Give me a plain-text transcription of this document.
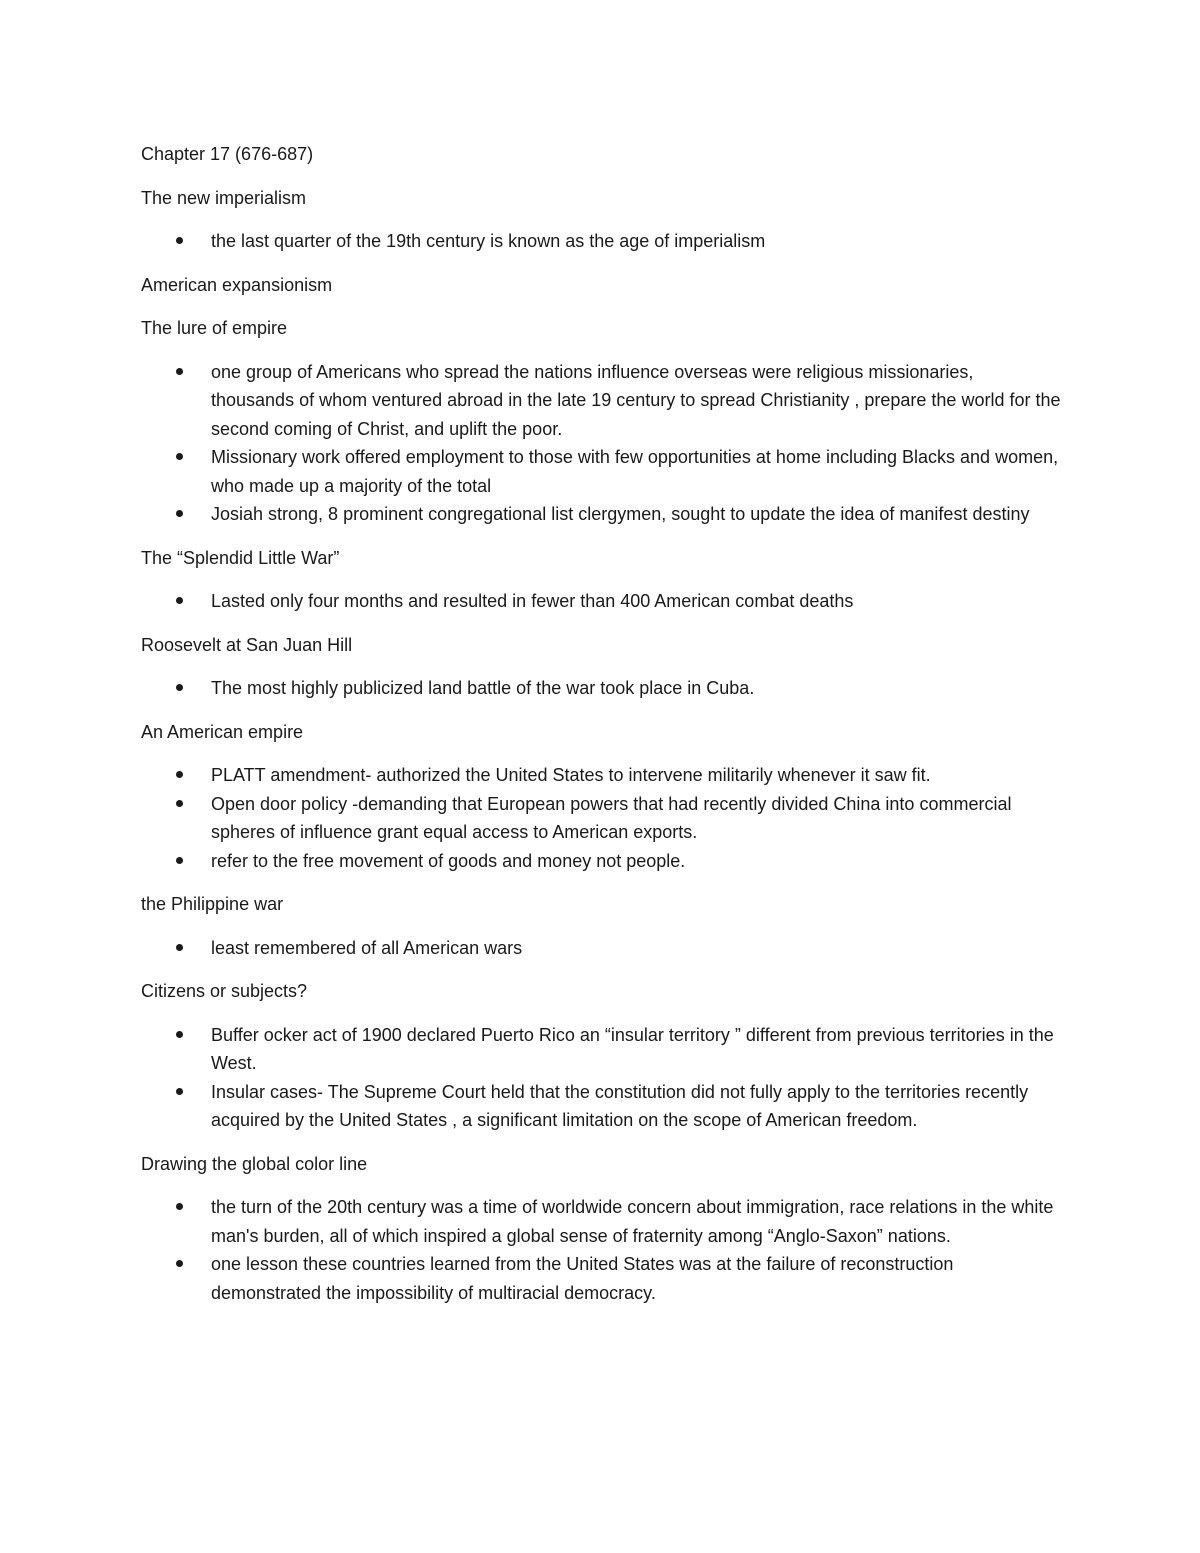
Chapter 17 (676-687)

The new imperialism

the last quarter of the 19th century is known as the age of imperialism

American expansionism

The lure of empire

one group of Americans who spread the nations influence overseas were religious missionaries, thousands of whom ventured abroad in the late 19 century to spread Christianity , prepare the world for the second coming of Christ, and uplift the poor.
Missionary work offered employment to those with few opportunities at home including Blacks and women, who made up a majority of the total
Josiah strong, 8 prominent congregational list clergymen, sought to update the idea of manifest destiny

The “Splendid Little War”

Lasted only four months and resulted in fewer than 400 American combat deaths

Roosevelt at San Juan Hill

The most highly publicized land battle of the war took place in Cuba.

An American empire

PLATT amendment- authorized the United States to intervene militarily whenever it saw fit.
Open door policy -demanding that European powers that had recently divided China into commercial spheres of influence grant equal access to American exports.
refer to the free movement of goods and money not people.

the Philippine war

least remembered of all American wars

Citizens or subjects?

Buffer ocker act of 1900 declared Puerto Rico an “insular territory ” different from previous territories in the West.
Insular cases- The Supreme Court held that the constitution did not fully apply to the territories recently acquired by the United States , a significant limitation on the scope of American freedom.

Drawing the global color line

the turn of the 20th century was a time of worldwide concern about immigration, race relations in the white man's burden, all of which inspired a global sense of fraternity among “Anglo-Saxon” nations.
one lesson these countries learned from the United States was at the failure of reconstruction demonstrated the impossibility of multiracial democracy.
